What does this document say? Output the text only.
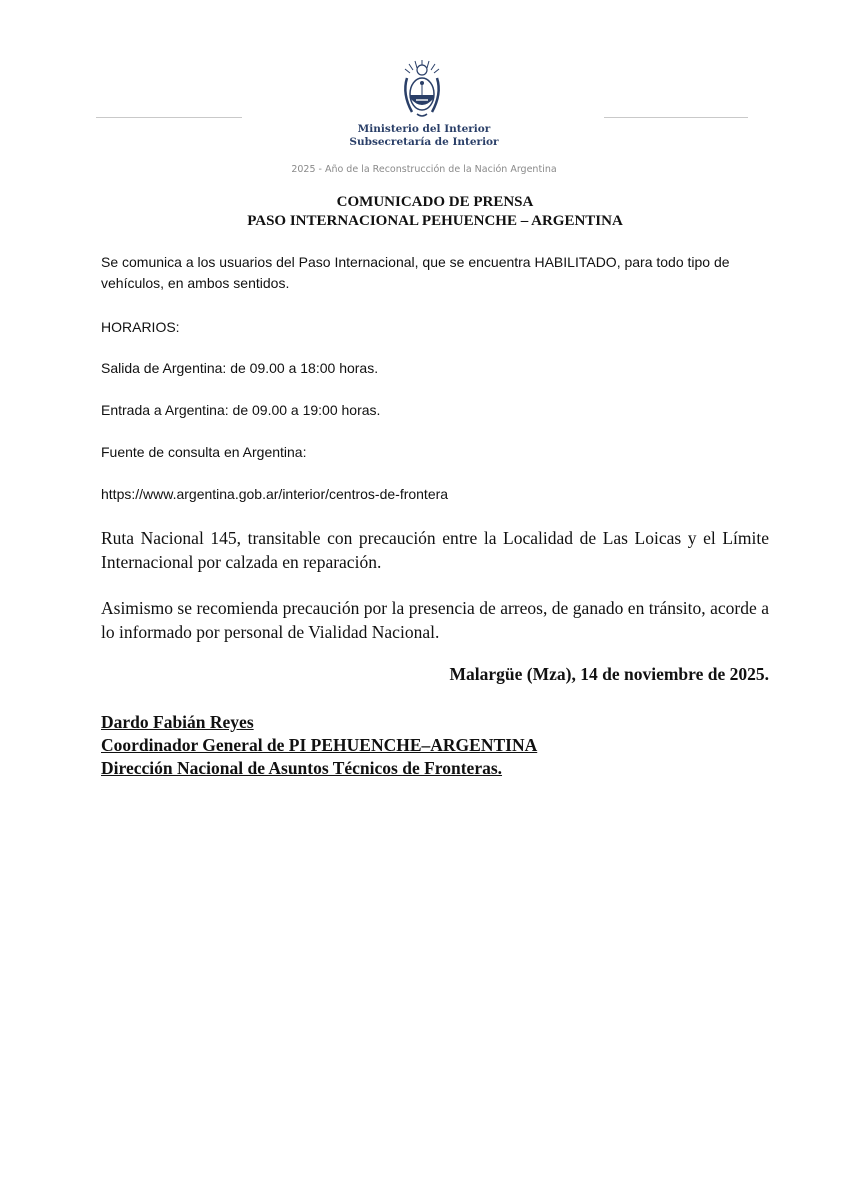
Ministerio del Interior
Subsecretaría de Interior
2025 - Año de la Reconstrucción de la Nación Argentina
COMUNICADO DE PRENSA
PASO INTERNACIONAL PEHUENCHE – ARGENTINA
Se comunica a los usuarios del Paso Internacional, que se encuentra HABILITADO, para todo tipo de vehículos, en ambos sentidos.
HORARIOS:
Salida de Argentina: de 09.00 a 18:00 horas.
Entrada a Argentina: de 09.00 a 19:00 horas.
Fuente de consulta en Argentina:
https://www.argentina.gob.ar/interior/centros-de-frontera
Ruta Nacional 145, transitable con precaución entre la Localidad de Las Loicas y el Límite Internacional por calzada en reparación.
Asimismo se recomienda precaución por la presencia de arreos, de ganado en tránsito, acorde a lo informado por personal de Vialidad Nacional.
Malargüe (Mza), 14 de noviembre de 2025.
Dardo Fabián Reyes
Coordinador General de PI PEHUENCHE–ARGENTINA
Dirección Nacional de Asuntos Técnicos de Fronteras.
